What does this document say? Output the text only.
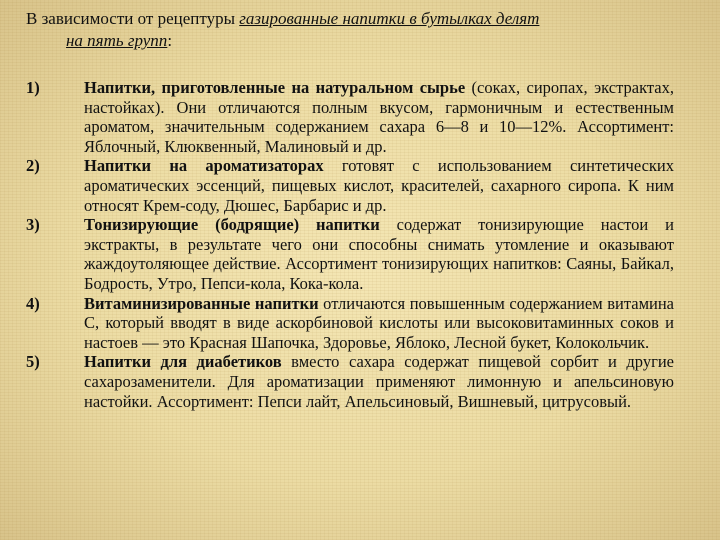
В зависимости от рецептуры газированные напитки в бутылках делят
на пять групп:
1)	Напитки, приготовленные на натуральном сырье (соках, сиропах, экстрактах, настойках). Они отличаются полным вкусом, гармоничным и естественным ароматом, значительным содержанием сахара 6—8 и 10—12%. Ассортимент: Яблочный, Клюквенный, Малиновый и др.
2)	Напитки на ароматизаторах готовят с использованием синтетических ароматических эссенций, пищевых кислот, красителей, сахарного сиропа. К ним относят Крем-соду, Дюшес, Барбарис и др.
3)	Тонизирующие (бодрящие) напитки содержат тонизирующие настои и экстракты, в результате чего они способны снимать утомление и оказывают жаждоутоляющее действие. Ассортимент тонизирующих напитков: Саяны, Байкал, Бодрость, Утро, Пепси-кола, Кока-кола.
4)	Витаминизированные напитки отличаются повышенным содержанием витамина С, который вводят в виде аскорбиновой кислоты или высоковитаминных соков и настоев — это Красная Шапочка, Здоровье, Яблоко, Лесной букет, Колокольчик.
5)	Напитки для диабетиков вместо сахара содержат пищевой сорбит и другие сахарозаменители. Для ароматизации применяют лимонную и апельсиновую настойки. Ассортимент: Пепси лайт, Апельсиновый, Вишневый, цитрусовый.
